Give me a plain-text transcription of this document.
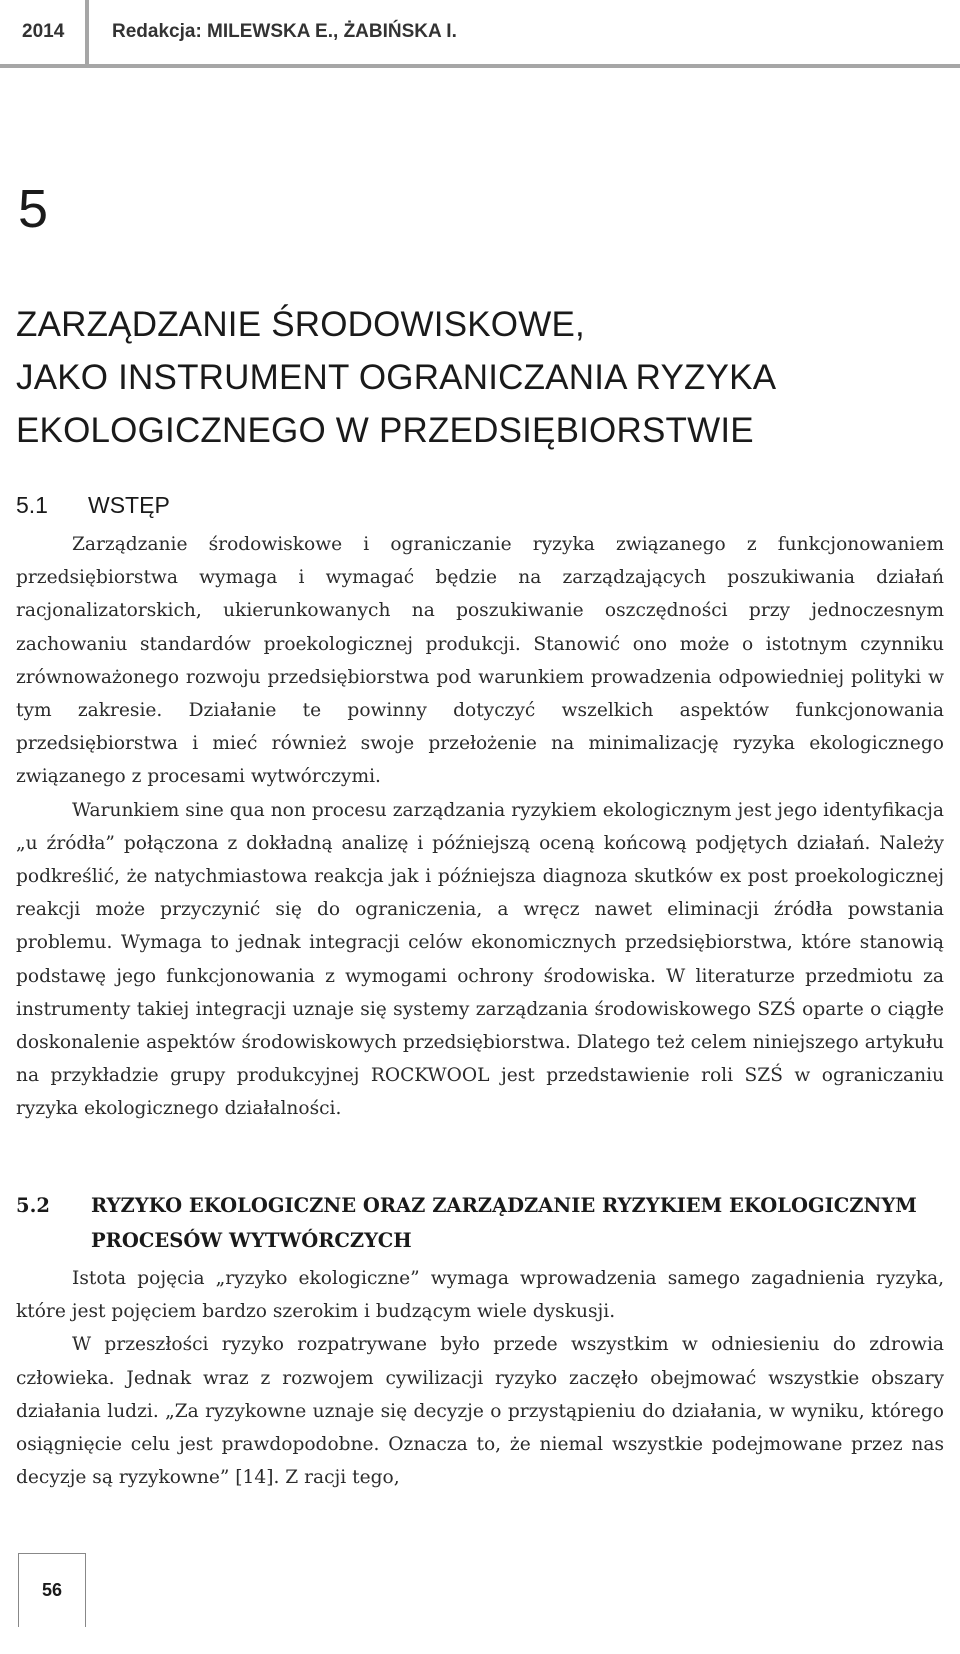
2014	Redakcja: MILEWSKA E., ŻABIŃSKA I.
5
ZARZĄDZANIE ŚRODOWISKOWE,
JAKO INSTRUMENT OGRANICZANIA RYZYKA
EKOLOGICZNEGO W PRZEDSIĘBIORSTWIE
5.1 WSTĘP

Zarządzanie środowiskowe i ograniczanie ryzyka związanego z funkcjonowaniem przedsiębiorstwa wymaga i wymagać będzie na zarządzających poszukiwania działań racjonalizatorskich, ukierunkowanych na poszukiwanie oszczędności przy jednoczesnym zachowaniu standardów proekologicznej produkcji. Stanowić ono może o istotnym czynniku zrównoważonego rozwoju przedsiębiorstwa pod warunkiem prowadzenia odpowiedniej polityki w tym zakresie. Działanie te powinny dotyczyć wszelkich aspektów funkcjonowania przedsiębiorstwa i mieć również swoje przełożenie na minimalizację ryzyka ekologicznego związanego z procesami wytwórczymi.

Warunkiem sine qua non procesu zarządzania ryzykiem ekologicznym jest jego identyfikacja „u źródła” połączona z dokładną analizę i późniejszą oceną końcową podjętych działań. Należy podkreślić, że natychmiastowa reakcja jak i późniejsza diagnoza skutków ex post proekologicznej reakcji może przyczynić się do ograniczenia, a wręcz nawet eliminacji źródła powstania problemu. Wymaga to jednak integracji celów ekonomicznych przedsiębiorstwa, które stanowią podstawę jego funkcjonowania z wymogami ochrony środowiska. W literaturze przedmiotu za instrumenty takiej integracji uznaje się systemy zarządzania środowiskowego SZŚ oparte o ciągłe doskonalenie aspektów środowiskowych przedsiębiorstwa. Dlatego też celem niniejszego artykułu na przykładzie grupy produkcyjnej ROCKWOOL jest przedstawienie roli SZŚ w ograniczaniu ryzyka ekologicznego działalności.

5.2 RYZYKO EKOLOGICZNE ORAZ ZARZĄDZANIE RYZYKIEM EKOLOGICZNYM PROCESÓW WYTWÓRCZYCH

Istota pojęcia „ryzyko ekologiczne” wymaga wprowadzenia samego zagadnienia ryzyka, które jest pojęciem bardzo szerokim i budzącym wiele dyskusji.

W przeszłości ryzyko rozpatrywane było przede wszystkim w odniesieniu do zdrowia człowieka. Jednak wraz z rozwojem cywilizacji ryzyko zaczęło obejmować wszystkie obszary działania ludzi. „Za ryzykowne uznaje się decyzje o przystąpieniu do działania, w wyniku, którego osiągnięcie celu jest prawdopodobne. Oznacza to, że niemal wszystkie podejmowane przez nas decyzje są ryzykowne” [14]. Z racji tego,

56
